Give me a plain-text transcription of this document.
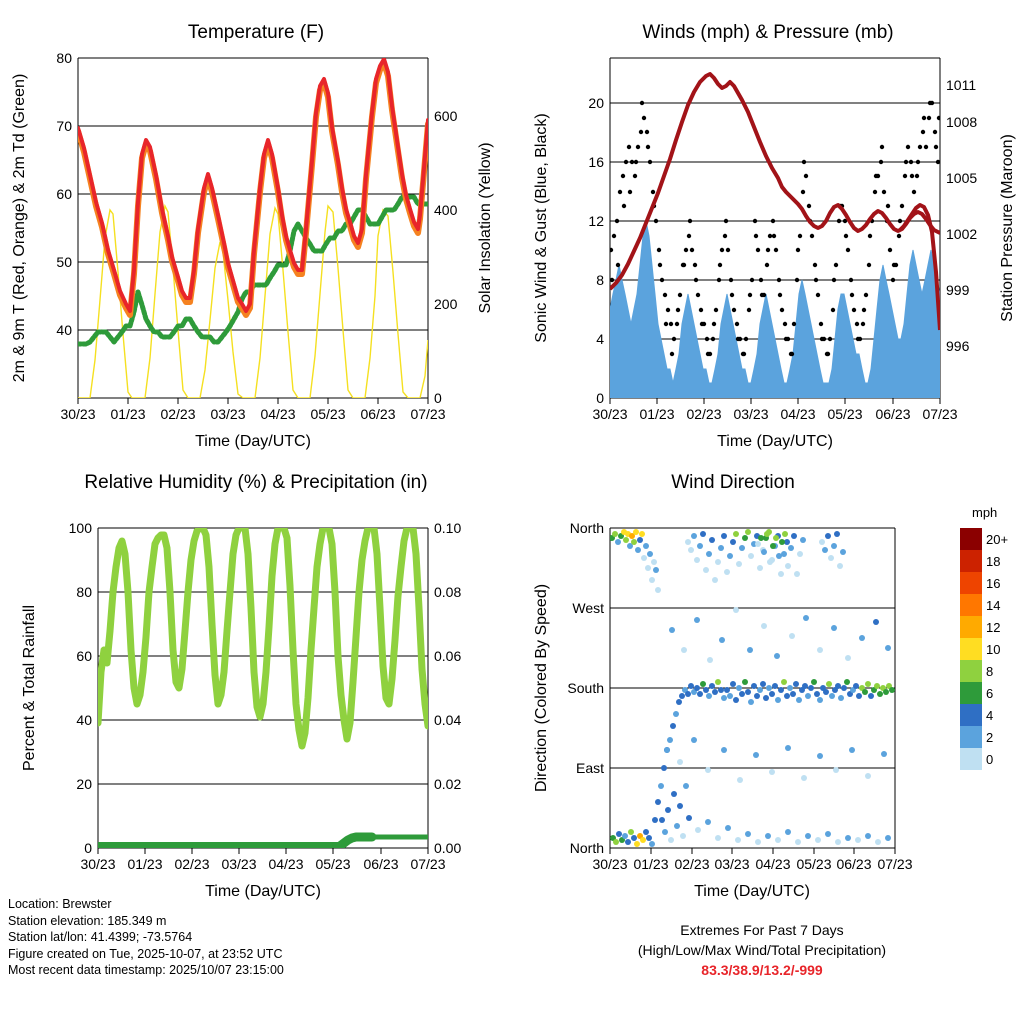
Temperature (F)
40
50
60
70
80
0
200
400
600
30/23 01/23 02/23 03/23 04/23 05/23 06/23 07/23
2m & 9m T (Red, Orange) & 2m Td (Green)	Solar Insolation (Yellow)
Time (Day/UTC)
Winds (mph) & Pressure (mb)
0
4
8
12
16
20
996
999
1002
1005
1008
1011
30/23 01/23 02/23 03/23 04/23 05/23 06/23 07/23
Sonic Wind & Gust (Blue, Black)	Station Pressure (Maroon)
Time (Day/UTC)
Relative Humidity (%) & Precipitation (in)
0
20
40
60
80
100
0.00
0.02
0.04
0.06
0.08
0.10
30/23 01/23 02/23 03/23 04/23 05/23 06/23 07/23
Percent & Total Rainfall
Time (Day/UTC)
Wind Direction
North
West
South
East
North
30/23 01/23 02/23 03/23 04/23 05/23 06/23 07/23
Direction (Colored By Speed)
Time (Day/UTC)
mph
20+
18
16
14
12
10
8
6
4
2
0
Location: Brewster
Station elevation: 185.349 m
Station lat/lon: 41.4399; -73.5764
Figure created on Tue, 2025-10-07, at 23:52 UTC
Most recent data timestamp: 2025/10/07 23:15:00
Extremes For Past 7 Days
(High/Low/Max Wind/Total Precipitation)
83.3/38.9/13.2/-999
